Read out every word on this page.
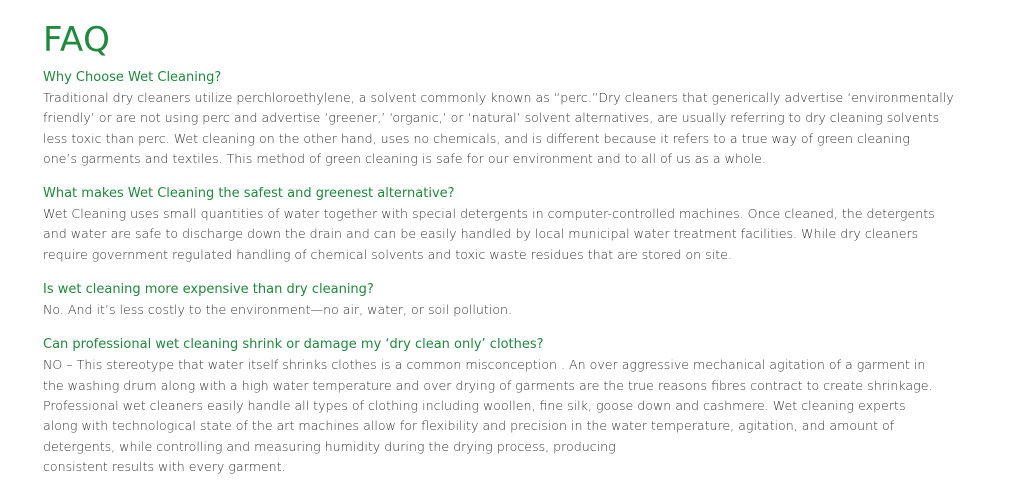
FAQ
Why Choose Wet Cleaning?

Traditional dry cleaners utilize perchloroethylene, a solvent commonly known as “perc.”Dry cleaners that generically advertise ‘environmentally
friendly’ or are not using perc and advertise ‘greener,’ ‘organic,’ or ‘natural’ solvent alternatives, are usually referring to dry cleaning solvents
less toxic than perc. Wet cleaning on the other hand, uses no chemicals, and is different because it refers to a true way of green cleaning
one’s garments and textiles. This method of green cleaning is safe for our environment and to all of us as a whole.

What makes Wet Cleaning the safest and greenest alternative?

Wet Cleaning uses small quantities of water together with special detergents in computer-controlled machines. Once cleaned, the detergents
and water are safe to discharge down the drain and can be easily handled by local municipal water treatment facilities. While dry cleaners
require government regulated handling of chemical solvents and toxic waste residues that are stored on site.

Is wet cleaning more expensive than dry cleaning?

No. And it’s less costly to the environment—no air, water, or soil pollution.

Can professional wet cleaning shrink or damage my ‘dry clean only’ clothes?

NO – This stereotype that water itself shrinks clothes is a common misconception . An over aggressive mechanical agitation of a garment in
the washing drum along with a high water temperature and over drying of garments are the true reasons fibres contract to create shrinkage.
Professional wet cleaners easily handle all types of clothing including woollen, fine silk, goose down and cashmere. Wet cleaning experts
along with technological state of the art machines allow for flexibility and precision in the water temperature, agitation, and amount of
detergents, while controlling and measuring humidity during the drying process, producing
consistent results with every garment.
